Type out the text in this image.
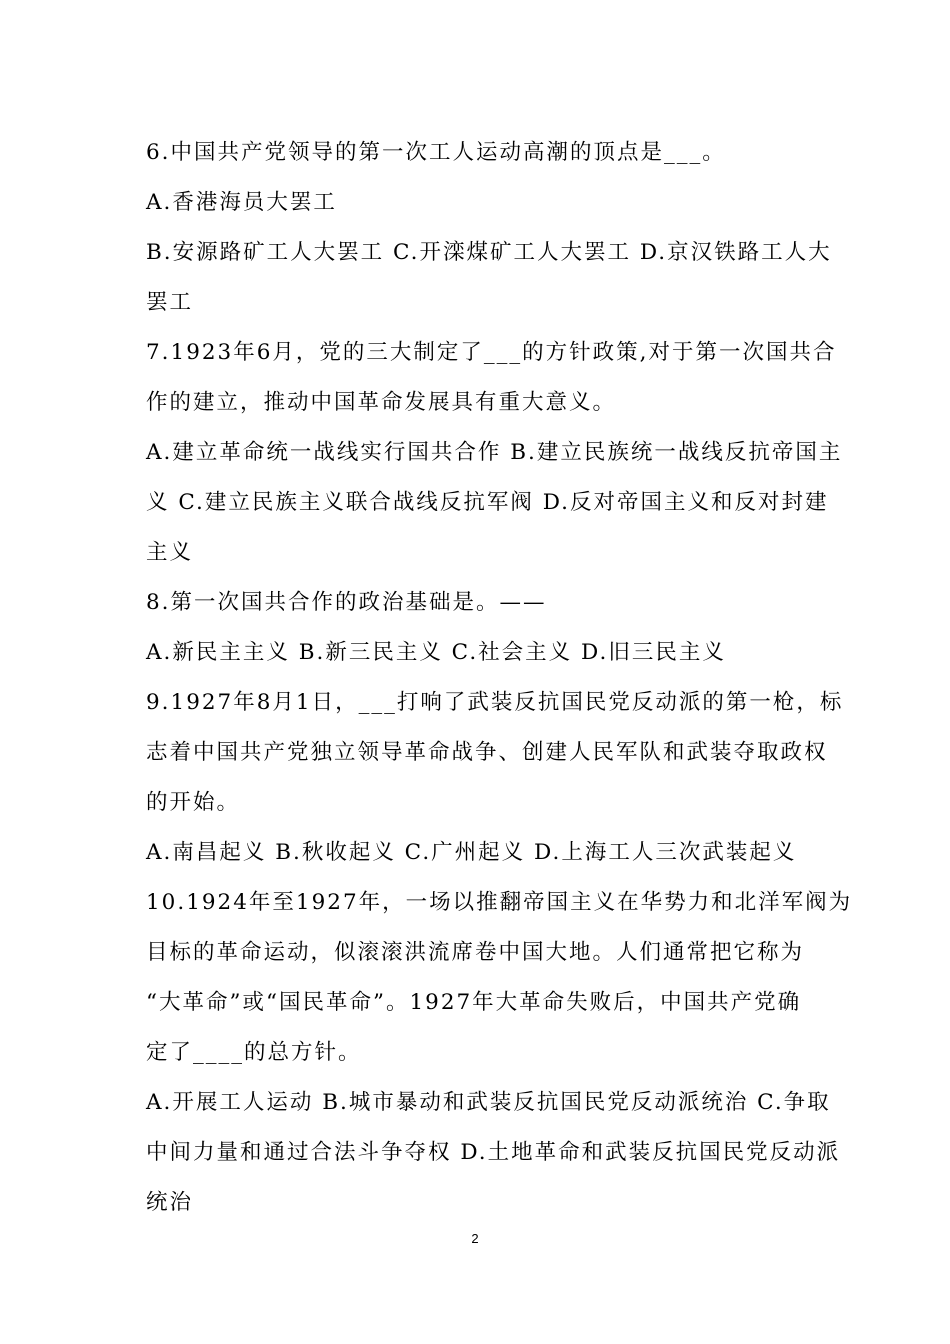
6.中国共产党领导的第一次工人运动高潮的顶点是___。
A.香港海员大罢工
B.安源路矿工人大罢工 C.开滦煤矿工人大罢工 D.京汉铁路工人大
罢工
7.1923年6月，党的三大制定了___的方针政策,对于第一次国共合
作的建立，推动中国革命发展具有重大意义。
A.建立革命统一战线实行国共合作 B.建立民族统一战线反抗帝国主
义 C.建立民族主义联合战线反抗军阀 D.反对帝国主义和反对封建
主义
8.第一次国共合作的政治基础是。——
A.新民主主义 B.新三民主义 C.社会主义 D.旧三民主义
9.1927年8月1日，___打响了武装反抗国民党反动派的第一枪，标
志着中国共产党独立领导革命战争、创建人民军队和武装夺取政权
的开始。
A.南昌起义 B.秋收起义 C.广州起义 D.上海工人三次武装起义
10.1924年至1927年，一场以推翻帝国主义在华势力和北洋军阀为
目标的革命运动，似滚滚洪流席卷中国大地。人们通常把它称为
“大革命”或“国民革命”。1927年大革命失败后，中国共产党确
定了____的总方针。
A.开展工人运动 B.城市暴动和武装反抗国民党反动派统治 C.争取
中间力量和通过合法斗争夺权 D.土地革命和武装反抗国民党反动派
统治
2
